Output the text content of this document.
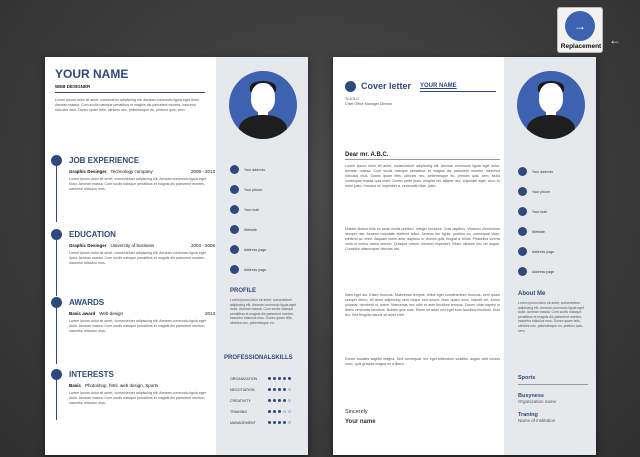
→
Replacement ←
Your address
Your phone
Your mail
Website
Address page
Address page
PROFILE
Lorem ipsum dolor sit amet, consectetuer adipiscing elit. Aenean commodo ligula eget dolor. Aenean massa. Cum sociis natoque penatibus et magnis dis parturient montes, nascetur ridiculus mus. Donec quam felis, ultricies nec, pellentesque eu.
PROFESSIONALSKILLS
ORGANIZATION
NEGOTIATION
CREATIVITY
TRAINING
MANAGEMENT
YOUR NAME
WEB DESIGNER
Lorem ipsum dolor sit amet, consectetur adipiscing elit. Aenean commodo ligula eget dolor. Aenean massa. Cum sociis natoque penatibus et magnis dis parturient montes, nascetur ridiculus mus. Donec quam felis, ultricies nec, pellentesque eu, pretium quis, sem.
JOB EXPERIENCE
Graphic Desinger Technology company	2009 - 2013
Lorem ipsum dolor sit amet, consectetuer adipiscing elit. Aenean commodo ligula eget dolor. Aenean massa. Cum sociis natoque penatibus et magnis dis parturient montes, nascetur ridiculus mus.
EDUCATION
Graphic Desinger University of business	2003 - 2008
Lorem ipsum dolor sit amet, consectetuer adipiscing elit. Aenean commodo ligula eget dolor. Aenean massa. Cum sociis natoque penatibus et magnis dis parturient montes, nascetur ridiculus mus.
AWARDS
Basic award Web design	2013
Lorem ipsum dolor sit amet, consectetuer adipiscing elit. Aenean commodo ligula eget dolor. Aenean massa. Cum sociis natoque penatibus et magnis dis parturient montes, nascetur ridiculus mus.
INTERESTS
Basic Photoshop, html, web design, Sports
Lorem ipsum dolor sit amet, consectetuer adipiscing elit. Aenean commodo ligula eget dolor. Aenean massa. Cum sociis natoque penatibus et magnis dis parturient montes, nascetur ridiculus mus.
Your address
Your phone
Your mail
Website
Address page
Address page
About Me
Lorem ipsum dolor sit amet, consectetuer adipiscing elit. Aenean commodo ligula eget dolor. Aenean massa. Cum sociis natoque penatibus et magnis dis parturient montes, nascetur ridiculus mus. Donec quam felis, ultricies nec, pellentesque eu, pretium quis, sem.
Sports
Busyness
Organization name
Traning
Name of institution
Cover letter YOUR NAME
To A.B.C
Chief Office Manager Director
Dear mr. A.B.C.
Lorem ipsum dolor sit amet, consectetuer adipiscing elit. Aenean commodo ligula eget dolor. Aenean massa. Cum sociis natoque penatibus et magnis dis parturient montes, nascetur ridiculus mus. Donec quam felis, ultricies nec, pellentesque eu, pretium quis, sem. Nulla consequat massa quis enim. Donec pede justo, fringilla vel, aliquet nec, vulputate eget, arcu. In enim justo, rhoncus ut, imperdiet a, venenatis vitae, justo.
Nullam dictum felis eu pede mollis pretium. Integer tincidunt. Cras dapibus. Vivamus elementum semper nisi. Aenean vulputate eleifend tellus. Aenean leo ligula, porttitor eu, consequat vitae, eleifend ac, enim. Aliquam lorem ante, dapibus in, viverra quis, feugiat a, tellus. Phasellus viverra nulla ut metus varius laoreet. Quisque rutrum. Aenean imperdiet. Etiam ultricies nisi vel augue. Curabitur ullamcorper ultricies nisi.
Nam eget dui. Etiam rhoncus. Maecenas tempus, tellus eget condimentum rhoncus, sem quam semper libero, sit amet adipiscing sem neque sed ipsum. Nam quam nunc, blandit vel, luctus pulvinar, hendrerit id, lorem. Maecenas nec odio et ante tincidunt tempus. Donec vitae sapien ut libero venenatis faucibus. Nullam quis ante. Etiam sit amet orci eget eros faucibus tincidunt. Duis leo. Sed fringilla mauris sit amet nibh.
Donec sodales sagittis magna. Sed consequat, leo eget bibendum sodales, augue velit cursus nunc, quis gravida magna mi a libero.
Sincerely
Your name
